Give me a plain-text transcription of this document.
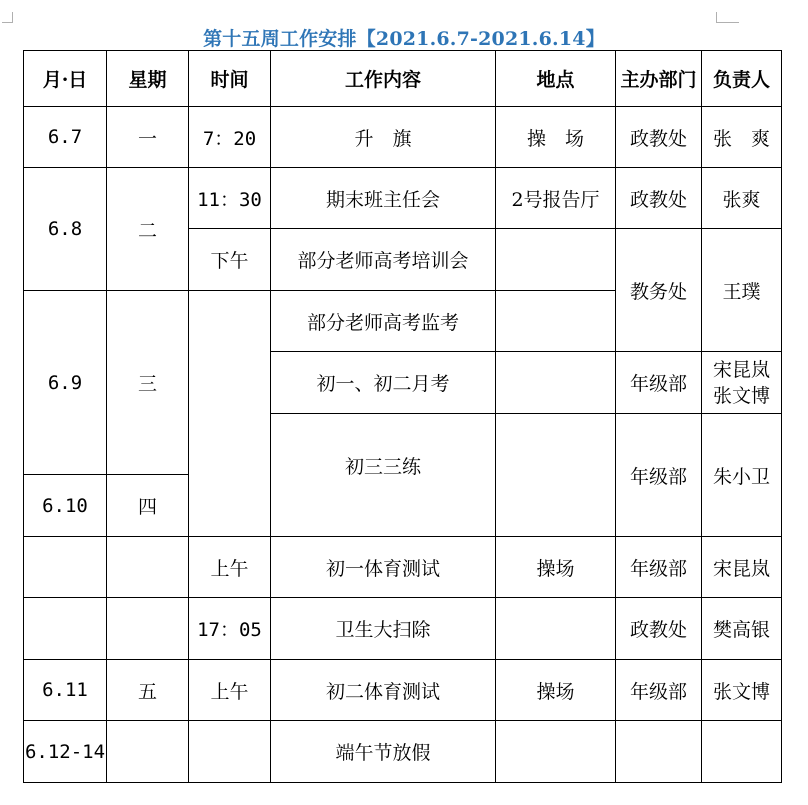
第十五周工作安排【2021.6.7-2021.6.14】
月·日	星期	时间	工作内容	地点	主办部门	负责人
6.7	一	7：20	升　旗	操　场	政教处	张　爽
6.8	二	11：30	期末班主任会	2号报告厅	政教处	张爽
		下午	部分老师高考培训会		教务处	王璞
6.9	三		部分老师高考监考			
			初一、初二月考		年级部	宋昆岚
张文博
			初三三练		年级部	朱小卫
6.10	四					
		上午	初一体育测试	操场	年级部	宋昆岚
		17：05	卫生大扫除		政教处	樊高银
6.11	五	上午	初二体育测试	操场	年级部	张文博
6.12-14			端午节放假			
